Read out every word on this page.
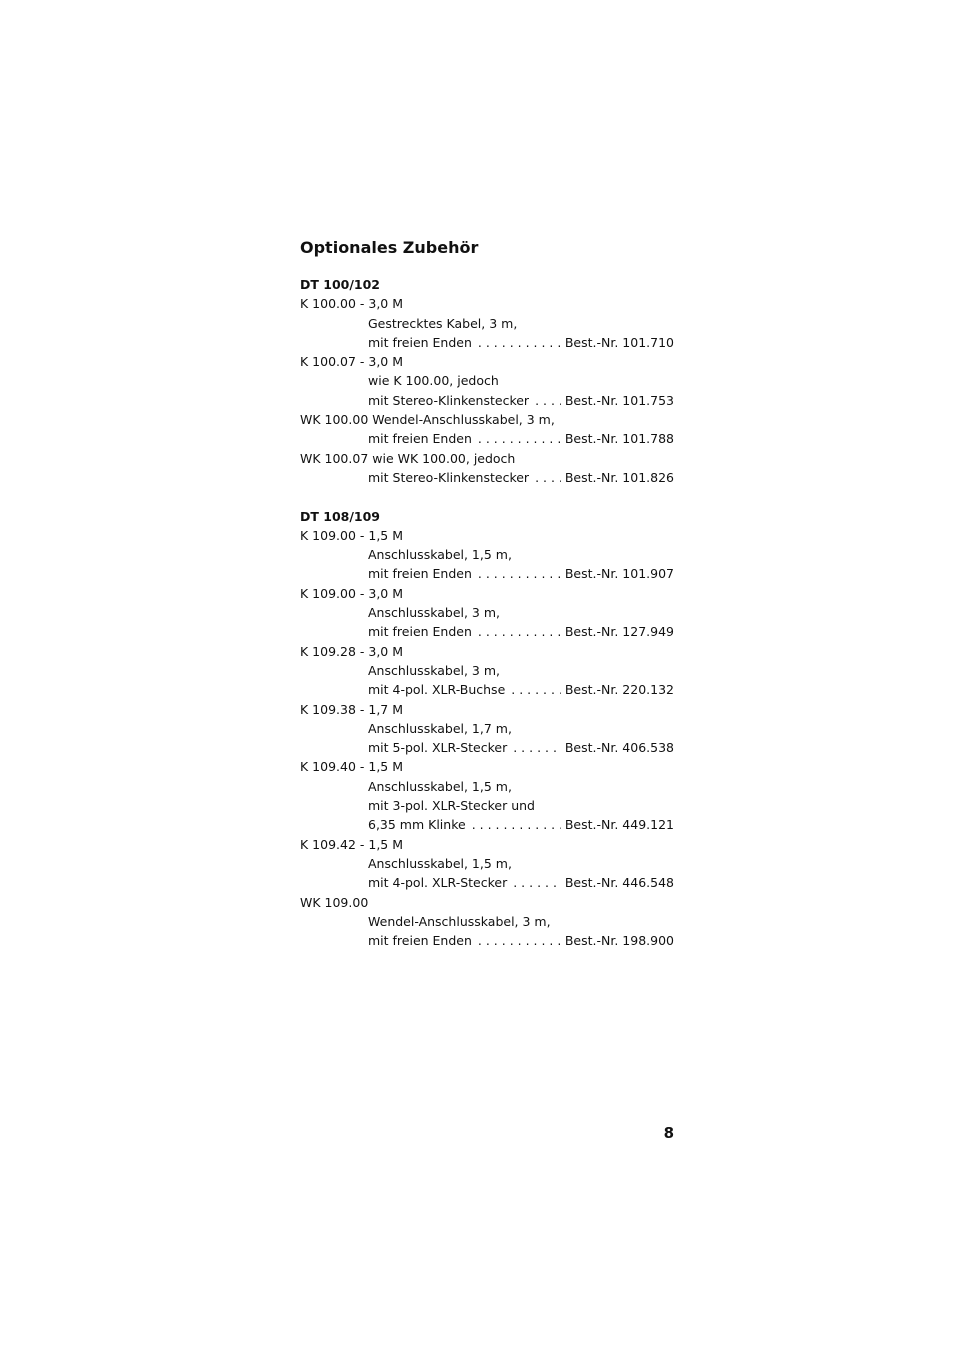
Optionales Zubehör
DT 100/102
K 100.00 - 3,0 M
Gestrecktes Kabel, 3 m,
mit freien Enden . . .	Best.-Nr. 101.710
K 100.07 - 3,0 M
wie K 100.00, jedoch
mit Stereo-Klinkenstecker . . .	Best.-Nr. 101.753
WK 100.00 Wendel-Anschlusskabel, 3 m,
mit freien Enden . . .	Best.-Nr. 101.788
WK 100.07 wie WK 100.00, jedoch
mit Stereo-Klinkenstecker . . .	Best.-Nr. 101.826
DT 108/109
K 109.00 - 1,5 M
Anschlusskabel, 1,5 m,
mit freien Enden . . .	Best.-Nr. 101.907
K 109.00 - 3,0 M
Anschlusskabel, 3 m,
mit freien Enden . . .	Best.-Nr. 127.949
K 109.28 - 3,0 M
Anschlusskabel, 3 m,
mit 4-pol. XLR-Buchse . . .	Best.-Nr. 220.132
K 109.38 - 1,7 M
Anschlusskabel, 1,7 m,
mit 5-pol. XLR-Stecker . . .	Best.-Nr. 406.538
K 109.40 - 1,5 M
Anschlusskabel, 1,5 m,
mit 3-pol. XLR-Stecker und
6,35 mm Klinke . . .	Best.-Nr. 449.121
K 109.42 - 1,5 M
Anschlusskabel, 1,5 m,
mit 4-pol. XLR-Stecker . . .	Best.-Nr. 446.548
WK 109.00
Wendel-Anschlusskabel, 3 m,
mit freien Enden . . .	Best.-Nr. 198.900
8
